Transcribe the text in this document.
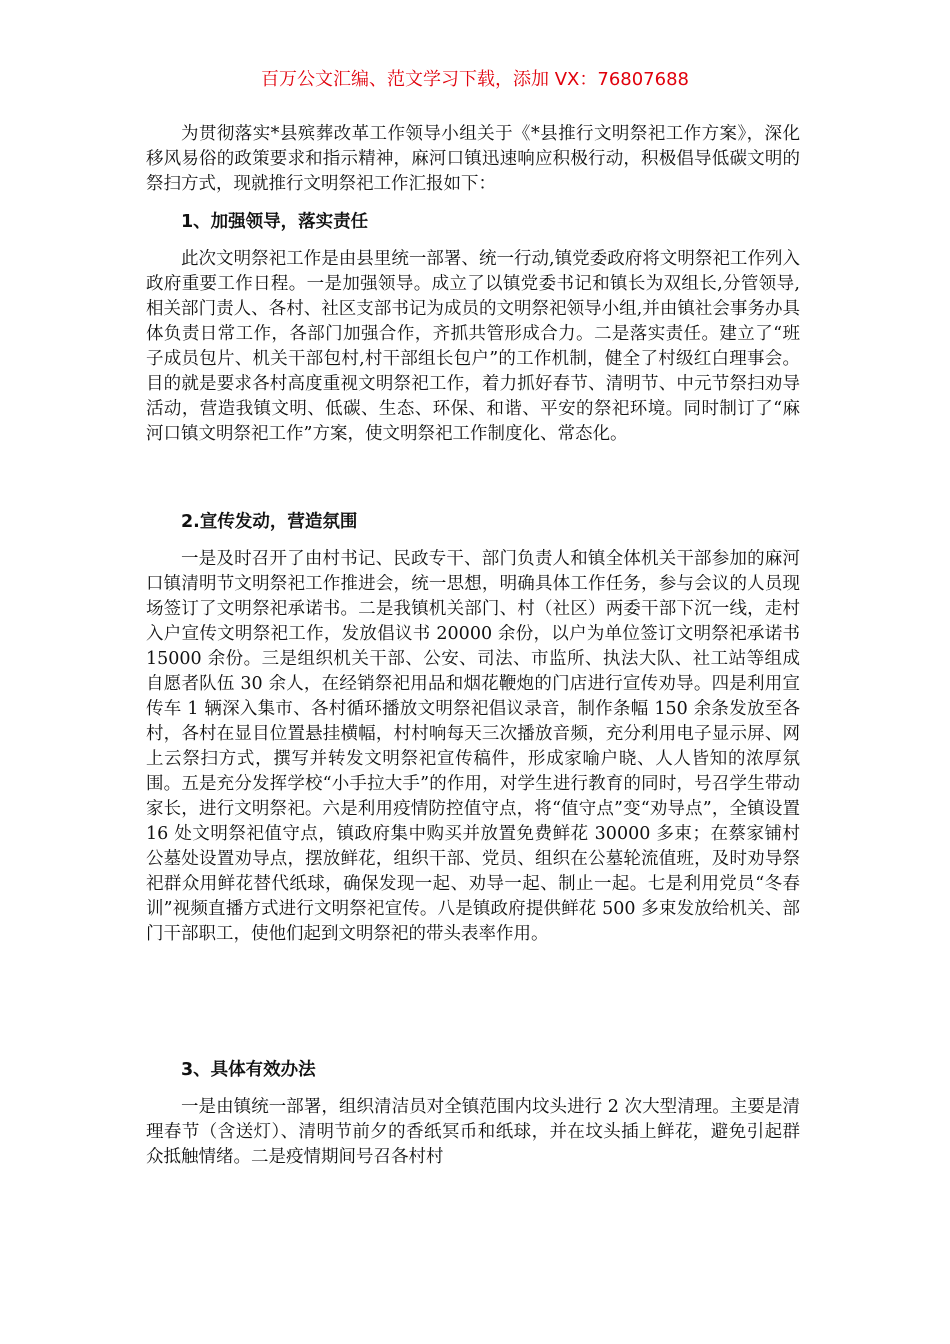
百万公文汇编、范文学习下载，添加 VX：76807688

为贯彻落实*县殡葬改革工作领导小组关于《*县推行文明祭祀工作方案》，深化移风易俗的政策要求和指示精神，麻河口镇迅速响应积极行动，积极倡导低碳文明的祭扫方式，现就推行文明祭祀工作汇报如下：

1、加强领导，落实责任

此次文明祭祀工作是由县里统一部署、统一行动,镇党委政府将文明祭祀工作列入政府重要工作日程。一是加强领导。成立了以镇党委书记和镇长为双组长,分管领导,相关部门责人、各村、社区支部书记为成员的文明祭祀领导小组,并由镇社会事务办具体负责日常工作，各部门加强合作，齐抓共管形成合力。二是落实责任。建立了“班子成员包片、机关干部包村,村干部组长包户”的工作机制，健全了村级红白理事会。目的就是要求各村高度重视文明祭祀工作，着力抓好春节、清明节、中元节祭扫劝导活动，营造我镇文明、低碳、生态、环保、和谐、平安的祭祀环境。同时制订了“麻河口镇文明祭祀工作”方案，使文明祭祀工作制度化、常态化。

2.宣传发动，营造氛围

一是及时召开了由村书记、民政专干、部门负责人和镇全体机关干部参加的麻河口镇清明节文明祭祀工作推进会，统一思想，明确具体工作任务，参与会议的人员现场签订了文明祭祀承诺书。二是我镇机关部门、村（社区）两委干部下沉一线，走村入户宣传文明祭祀工作，发放倡议书 20000 余份，以户为单位签订文明祭祀承诺书 15000 余份。三是组织机关干部、公安、司法、市监所、执法大队、社工站等组成自愿者队伍 30 余人，在经销祭祀用品和烟花鞭炮的门店进行宣传劝导。四是利用宣传车 1 辆深入集市、各村循环播放文明祭祀倡议录音，制作条幅 150 余条发放至各村，各村在显目位置悬挂横幅，村村响每天三次播放音频，充分利用电子显示屏、网上云祭扫方式，撰写并转发文明祭祀宣传稿件，形成家喻户晓、人人皆知的浓厚氛围。五是充分发挥学校“小手拉大手”的作用，对学生进行教育的同时，号召学生带动家长，进行文明祭祀。六是利用疫情防控值守点，将“值守点”变“劝导点”，全镇设置 16 处文明祭祀值守点，镇政府集中购买并放置免费鲜花 30000 多束；在蔡家铺村公墓处设置劝导点，摆放鲜花，组织干部、党员、组织在公墓轮流值班，及时劝导祭祀群众用鲜花替代纸球，确保发现一起、劝导一起、制止一起。七是利用党员“冬春训”视频直播方式进行文明祭祀宣传。八是镇政府提供鲜花 500 多束发放给机关、部门干部职工，使他们起到文明祭祀的带头表率作用。

3、具体有效办法

一是由镇统一部署，组织清洁员对全镇范围内坟头进行 2 次大型清理。主要是清理春节（含送灯）、清明节前夕的香纸冥币和纸球，并在坟头插上鲜花，避免引起群众抵触情绪。二是疫情期间号召各村村
